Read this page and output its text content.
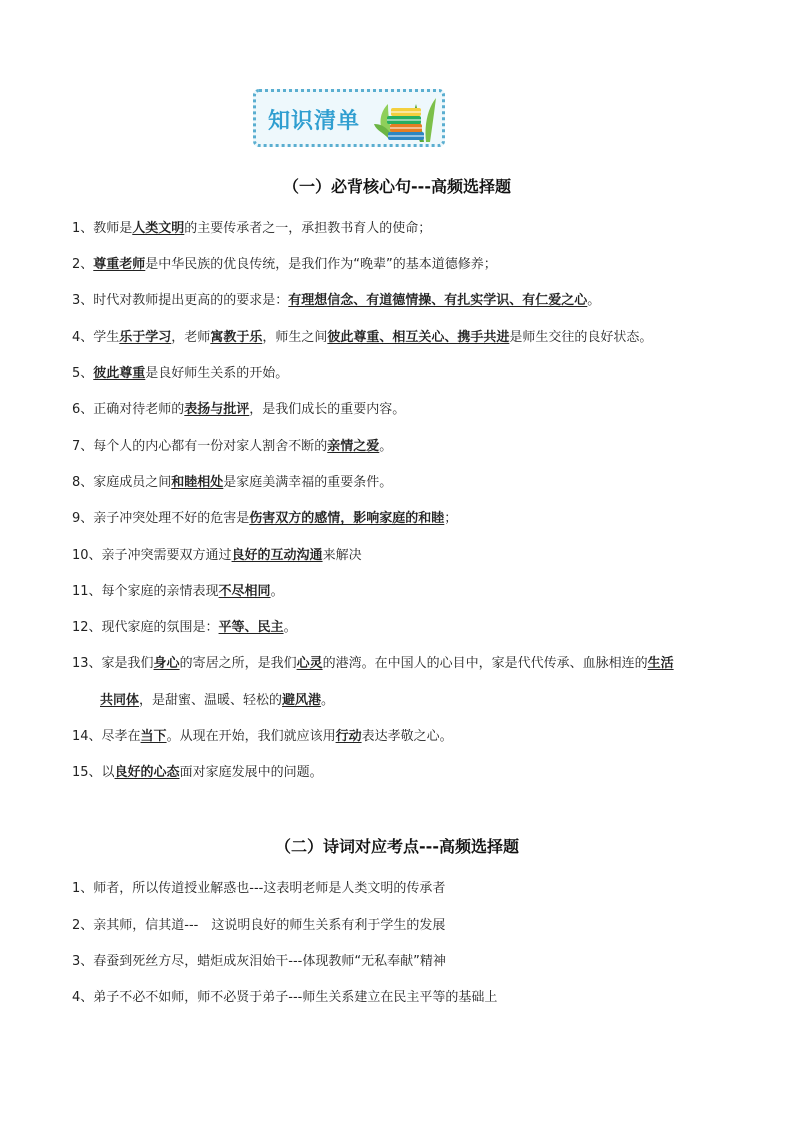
知识清单
（一）必背核心句---高频选择题

1、教师是人类文明的主要传承者之一，承担教书育人的使命；

2、尊重老师是中华民族的优良传统，是我们作为“晚辈”的基本道德修养；

3、时代对教师提出更高的的要求是：有理想信念、有道德情操、有扎实学识、有仁爱之心。

4、学生乐于学习，老师寓教于乐，师生之间彼此尊重、相互关心、携手共进是师生交往的良好状态。

5、彼此尊重是良好师生关系的开始。

6、正确对待老师的表扬与批评，是我们成长的重要内容。

7、每个人的内心都有一份对家人割舍不断的亲情之爱。

8、家庭成员之间和睦相处是家庭美满幸福的重要条件。

9、亲子冲突处理不好的危害是伤害双方的感情，影响家庭的和睦；

10、亲子冲突需要双方通过良好的互动沟通来解决

11、每个家庭的亲情表现不尽相同。

12、现代家庭的氛围是：平等、民主。

13、家是我们身心的寄居之所，是我们心灵的港湾。在中国人的心目中，家是代代传承、血脉相连的生活

共同体，是甜蜜、温暖、轻松的避风港。

14、尽孝在当下。从现在开始，我们就应该用行动表达孝敬之心。

15、以良好的心态面对家庭发展中的问题。

（二）诗词对应考点---高频选择题

1、师者，所以传道授业解惑也---这表明老师是人类文明的传承者

2、亲其师，信其道---　这说明良好的师生关系有利于学生的发展

3、春蚕到死丝方尽，蜡炬成灰泪始干---体现教师“无私奉献”精神

4、弟子不必不如师，师不必贤于弟子---师生关系建立在民主平等的基础上
